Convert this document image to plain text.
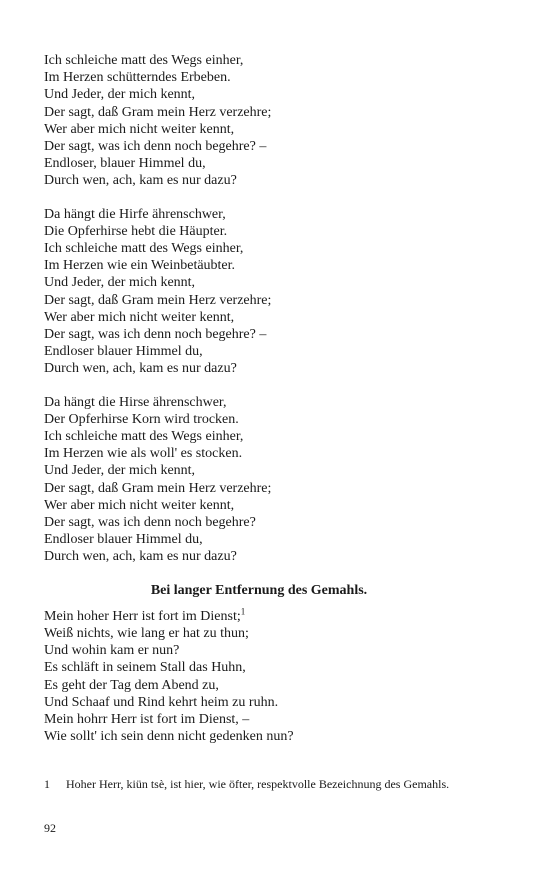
Ich schleiche matt des Wegs einher,
Im Herzen schütterndes Erbeben.
Und Jeder, der mich kennt,
Der sagt, daß Gram mein Herz verzehre;
Wer aber mich nicht weiter kennt,
Der sagt, was ich denn noch begehre? –
Endloser, blauer Himmel du,
Durch wen, ach, kam es nur dazu?
Da hängt die Hirfe ährenschwer,
Die Opferhirse hebt die Häupter.
Ich schleiche matt des Wegs einher,
Im Herzen wie ein Weinbetäubter.
Und Jeder, der mich kennt,
Der sagt, daß Gram mein Herz verzehre;
Wer aber mich nicht weiter kennt,
Der sagt, was ich denn noch begehre? –
Endloser blauer Himmel du,
Durch wen, ach, kam es nur dazu?
Da hängt die Hirse ährenschwer,
Der Opferhirse Korn wird trocken.
Ich schleiche matt des Wegs einher,
Im Herzen wie als woll' es stocken.
Und Jeder, der mich kennt,
Der sagt, daß Gram mein Herz verzehre;
Wer aber mich nicht weiter kennt,
Der sagt, was ich denn noch begehre?
Endloser blauer Himmel du,
Durch wen, ach, kam es nur dazu?
Bei langer Entfernung des Gemahls.
Mein hoher Herr ist fort im Dienst;$^1$
Weiß nichts, wie lang er hat zu thun;
Und wohin kam er nun?
Es schläft in seinem Stall das Huhn,
Es geht der Tag dem Abend zu,
Und Schaaf und Rind kehrt heim zu ruhn.
Mein hohrr Herr ist fort im Dienst, –
Wie sollt' ich sein denn nicht gedenken nun?
1	Hoher Herr, kiün tsè, ist hier, wie öfter, respektvolle Bezeichnung des Gemahls.
92
